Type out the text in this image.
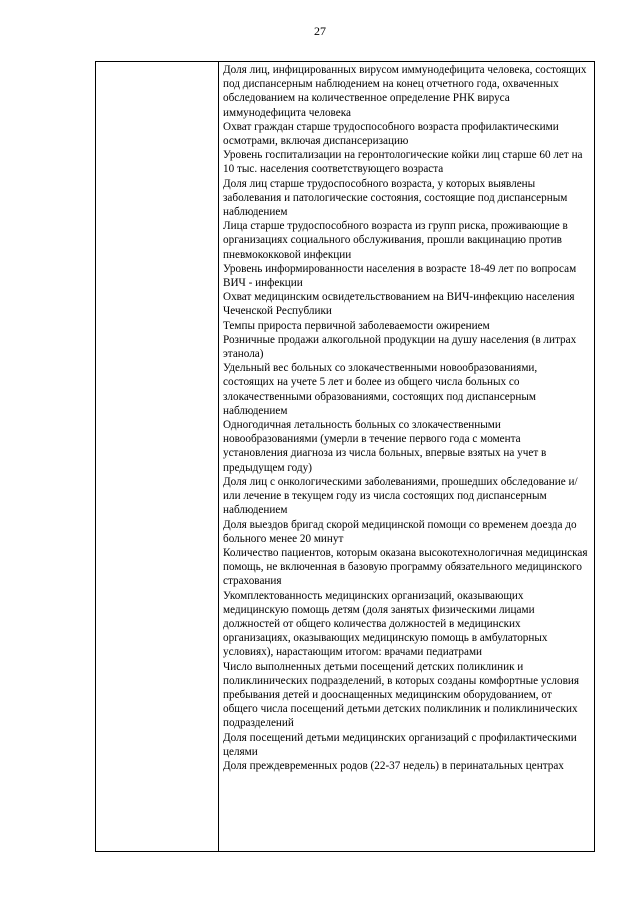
27
Доля лиц, инфицированных вирусом иммунодефицита человека, состоящих под диспансерным наблюдением на конец отчетного года, охваченных обследованием на количественное определение РНК вируса иммунодефицита человека
Охват граждан старше трудоспособного возраста профилактическими осмотрами, включая диспансеризацию
Уровень госпитализации на геронтологические койки лиц старше 60 лет на 10 тыс. населения соответствующего возраста
Доля лиц старше трудоспособного возраста, у которых выявлены заболевания и патологические состояния, состоящие под диспансерным наблюдением
Лица старше трудоспособного возраста из групп риска, проживающие в организациях социального обслуживания, прошли вакцинацию против пневмококковой инфекции
Уровень информированности населения в возрасте 18-49 лет по вопросам ВИЧ - инфекции
Охват медицинским освидетельствованием на ВИЧ-инфекцию населения Чеченской Республики
Темпы прироста первичной заболеваемости ожирением
Розничные продажи алкогольной продукции на душу населения (в литрах этанола)
Удельный вес больных со злокачественными новообразованиями, состоящих на учете 5 лет и более из общего числа больных со злокачественными образованиями, состоящих под диспансерным наблюдением
Одногодичная летальность больных со злокачественными новообразованиями (умерли в течение первого года с момента установления диагноза из числа больных, впервые взятых на учет в предыдущем году)
Доля лиц с онкологическими заболеваниями, прошедших обследование и/или лечение в текущем году из числа состоящих под диспансерным наблюдением
Доля выездов бригад скорой медицинской помощи со временем доезда до больного менее 20 минут
Количество пациентов, которым оказана высокотехнологичная медицинская помощь, не включенная в базовую программу обязательного медицинского страхования
Укомплектованность медицинских организаций, оказывающих медицинскую помощь детям (доля занятых физическими лицами должностей от общего количества должностей в медицинских организациях, оказывающих медицинскую помощь в амбулаторных условиях), нарастающим итогом: врачами педиатрами
Число выполненных детьми посещений детских поликлиник и поликлинических подразделений, в которых созданы комфортные условия пребывания детей и дооснащенных медицинским оборудованием, от общего числа посещений детьми детских поликлиник и поликлинических подразделений
Доля посещений детьми медицинских организаций с профилактическими целями
Доля преждевременных родов (22-37 недель) в перинатальных центрах
